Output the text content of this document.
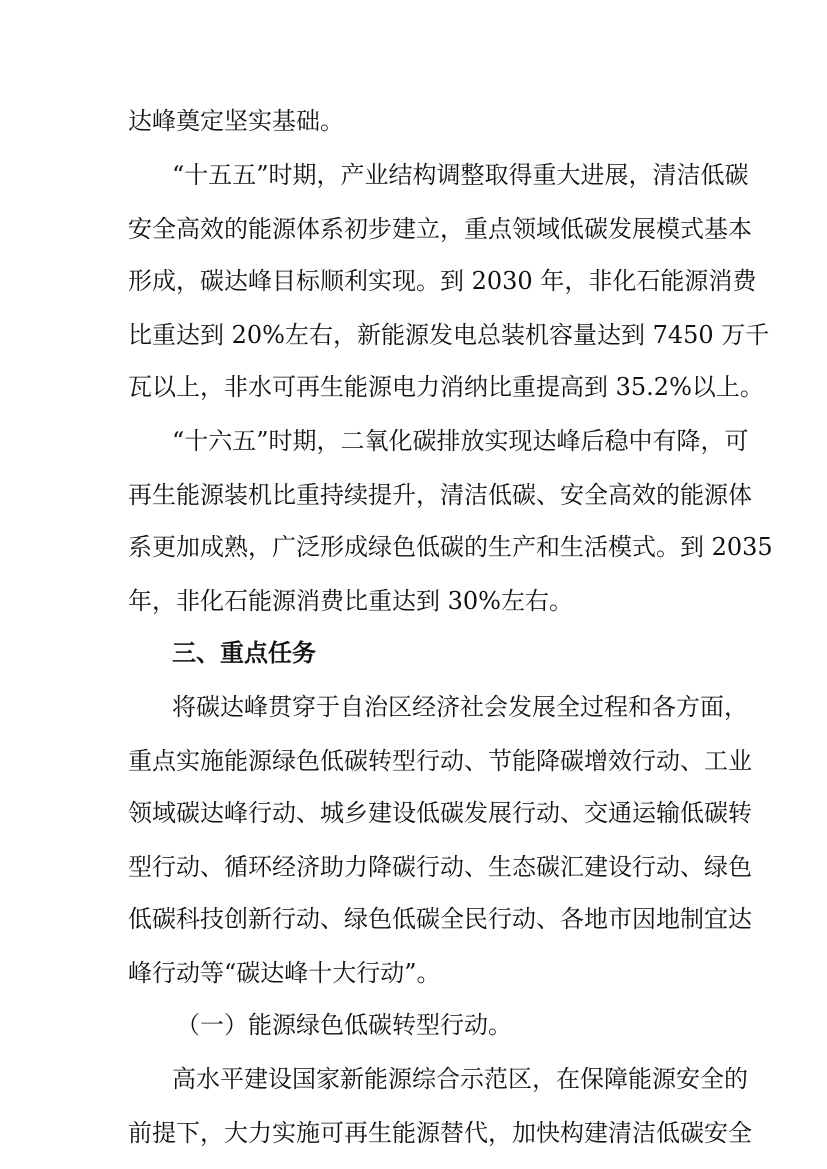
达峰奠定坚实基础。
“十五五”时期，产业结构调整取得重大进展，清洁低碳
安全高效的能源体系初步建立，重点领域低碳发展模式基本
形成，碳达峰目标顺利实现。到 2030 年，非化石能源消费
比重达到 20%左右，新能源发电总装机容量达到 7450 万千
瓦以上，非水可再生能源电力消纳比重提高到 35.2%以上。
“十六五”时期，二氧化碳排放实现达峰后稳中有降，可
再生能源装机比重持续提升，清洁低碳、安全高效的能源体
系更加成熟，广泛形成绿色低碳的生产和生活模式。到 2035
年，非化石能源消费比重达到 30%左右。
三、重点任务
将碳达峰贯穿于自治区经济社会发展全过程和各方面，
重点实施能源绿色低碳转型行动、节能降碳增效行动、工业
领域碳达峰行动、城乡建设低碳发展行动、交通运输低碳转
型行动、循环经济助力降碳行动、生态碳汇建设行动、绿色
低碳科技创新行动、绿色低碳全民行动、各地市因地制宜达
峰行动等“碳达峰十大行动”。
（一）能源绿色低碳转型行动。
高水平建设国家新能源综合示范区，在保障能源安全的
前提下，大力实施可再生能源替代，加快构建清洁低碳安全
